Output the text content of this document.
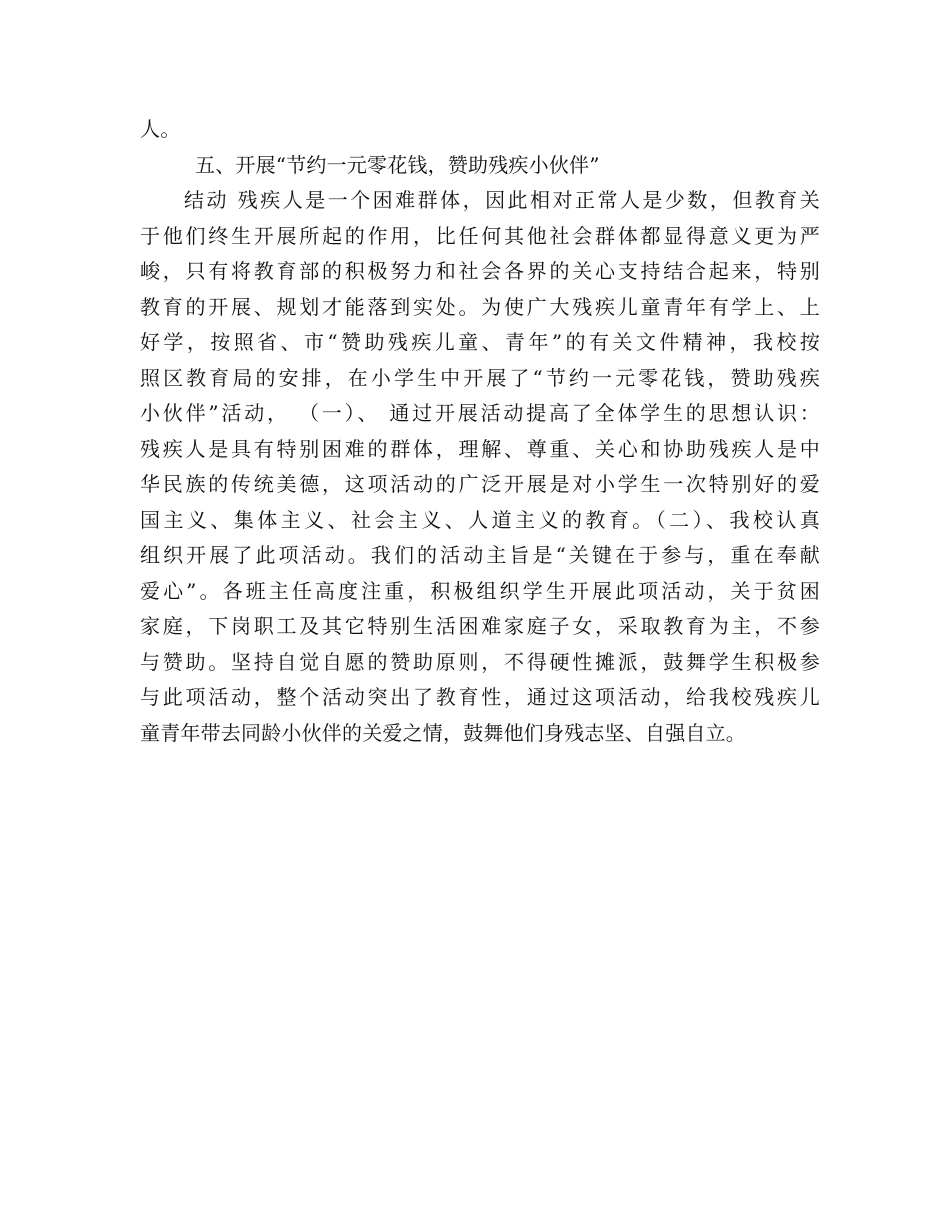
人。
五、开展“节约一元零花钱，赞助残疾小伙伴”
结动 残疾人是一个困难群体，因此相对正常人是少数，但教育关
于他们终生开展所起的作用，比任何其他社会群体都显得意义更为严
峻，只有将教育部的积极努力和社会各界的关心支持结合起来，特别
教育的开展、规划才能落到实处。为使广大残疾儿童青年有学上、上
好学，按照省、市“赞助残疾儿童、青年”的有关文件精神，我校按
照区教育局的安排，在小学生中开展了“节约一元零花钱，赞助残疾
小伙伴”活动， （一）、 通过开展活动提高了全体学生的思想认识：
残疾人是具有特别困难的群体，理解、尊重、关心和协助残疾人是中
华民族的传统美德，这项活动的广泛开展是对小学生一次特别好的爱
国主义、集体主义、社会主义、人道主义的教育。（二）、我校认真
组织开展了此项活动。我们的活动主旨是“关键在于参与，重在奉献
爱心”。各班主任高度注重，积极组织学生开展此项活动，关于贫困
家庭，下岗职工及其它特别生活困难家庭子女，采取教育为主，不参
与赞助。坚持自觉自愿的赞助原则，不得硬性摊派，鼓舞学生积极参
与此项活动，整个活动突出了教育性，通过这项活动，给我校残疾儿
童青年带去同龄小伙伴的关爱之情，鼓舞他们身残志坚、自强自立。
